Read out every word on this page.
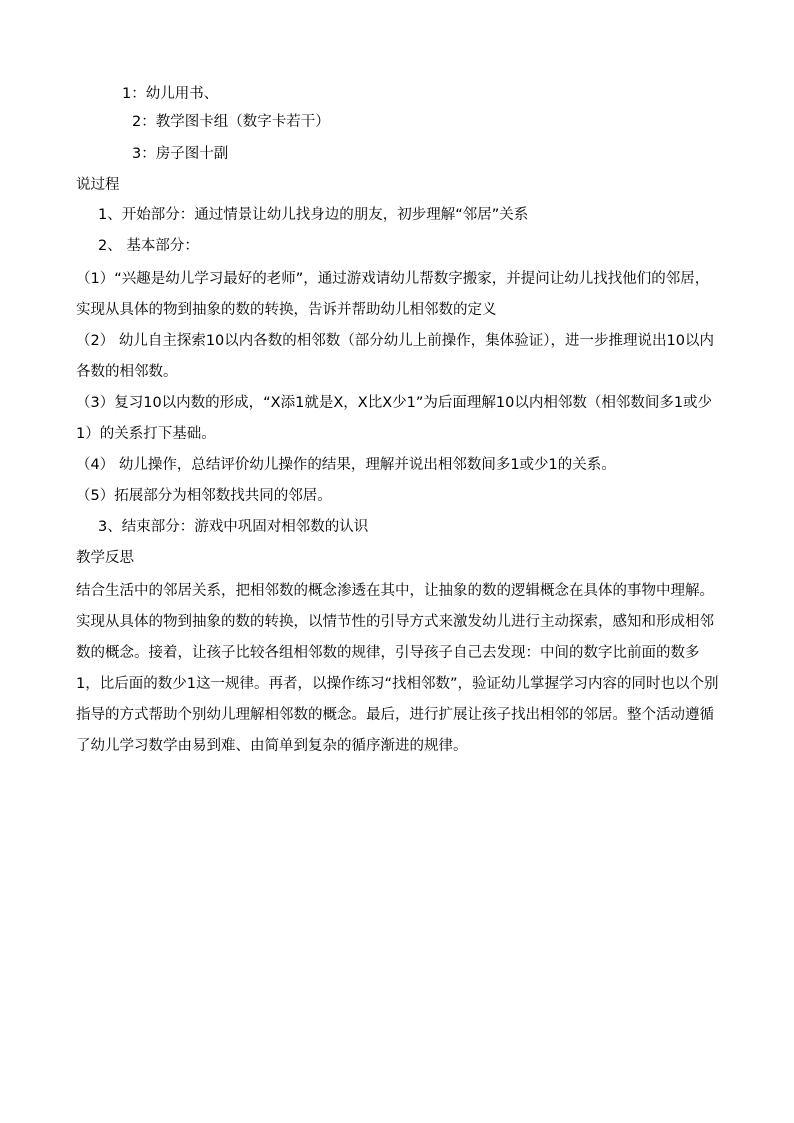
1：幼儿用书、
2：教学图卡组（数字卡若干）
3：房子图十副
说过程
1、开始部分：通过情景让幼儿找身边的朋友，初步理解“邻居”关系
2、 基本部分：
（1）“兴趣是幼儿学习最好的老师”，通过游戏请幼儿帮数字搬家，并提问让幼儿找找他们的邻居，实现从具体的物到抽象的数的转换，告诉并帮助幼儿相邻数的定义
（2） 幼儿自主探索10以内各数的相邻数（部分幼儿上前操作，集体验证），进一步推理说出10以内各数的相邻数。
（3）复习10以内数的形成，“X添1就是X，X比X少1”为后面理解10以内相邻数（相邻数间多1或少1）的关系打下基础。
（4） 幼儿操作，总结评价幼儿操作的结果，理解并说出相邻数间多1或少1的关系。
（5）拓展部分为相邻数找共同的邻居。
3、结束部分：游戏中巩固对相邻数的认识
教学反思
结合生活中的邻居关系，把相邻数的概念渗透在其中，让抽象的数的逻辑概念在具体的事物中理解。实现从具体的物到抽象的数的转换，以情节性的引导方式来激发幼儿进行主动探索，感知和形成相邻数的概念。接着，让孩子比较各组相邻数的规律，引导孩子自己去发现：中间的数字比前面的数多1，比后面的数少1这一规律。再者，以操作练习“找相邻数”，验证幼儿掌握学习内容的同时也以个别指导的方式帮助个别幼儿理解相邻数的概念。最后，进行扩展让孩子找出相邻的邻居。整个活动遵循了幼儿学习数学由易到难、由简单到复杂的循序渐进的规律。
